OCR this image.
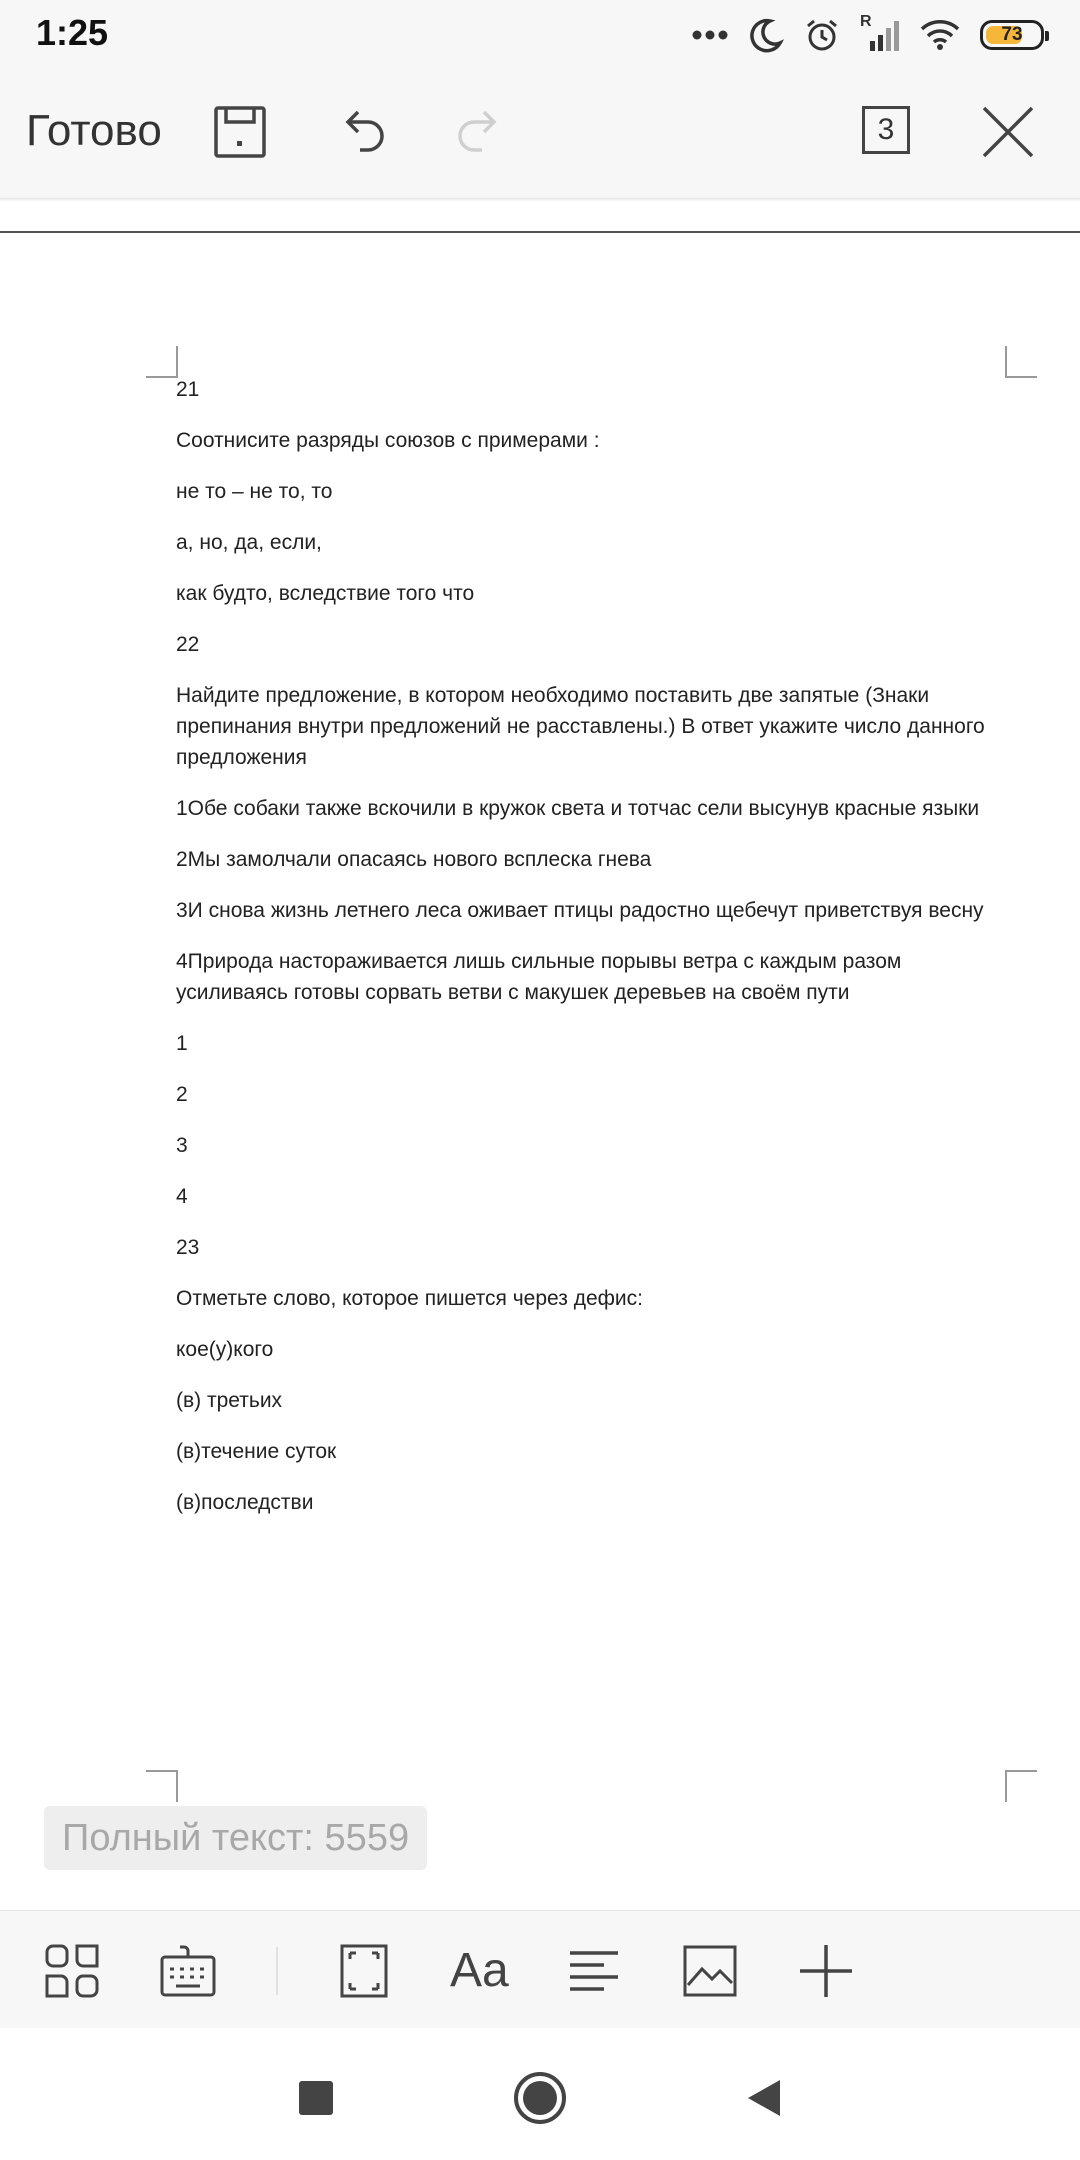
1:25	R
73
Готово	3

21

Соотнисите разряды союзов с примерами :

не то – не то, то

а, но, да, если,

как будто, вследствие того что

22

Найдите предложение, в котором необходимо поставить две запятые (Знаки препинания внутри предложений не расставлены.) В ответ укажите число данного предложения

1Обе собаки также вскочили в кружок света и тотчас сели высунув красные языки

2Мы замолчали опасаясь нового всплеска гнева

3И снова жизнь летнего леса оживает птицы радостно щебечут приветствуя весну

4Природа настораживается лишь сильные порывы ветра с каждым разом усиливаясь готовы сорвать ветви с макушек деревьев на своём пути

1

2

3

4

23

Отметьте слово, которое пишется через дефис:

кое(у)кого

(в) третьих

(в)течение суток

(в)последстви

Полный текст: 5559
Aa
